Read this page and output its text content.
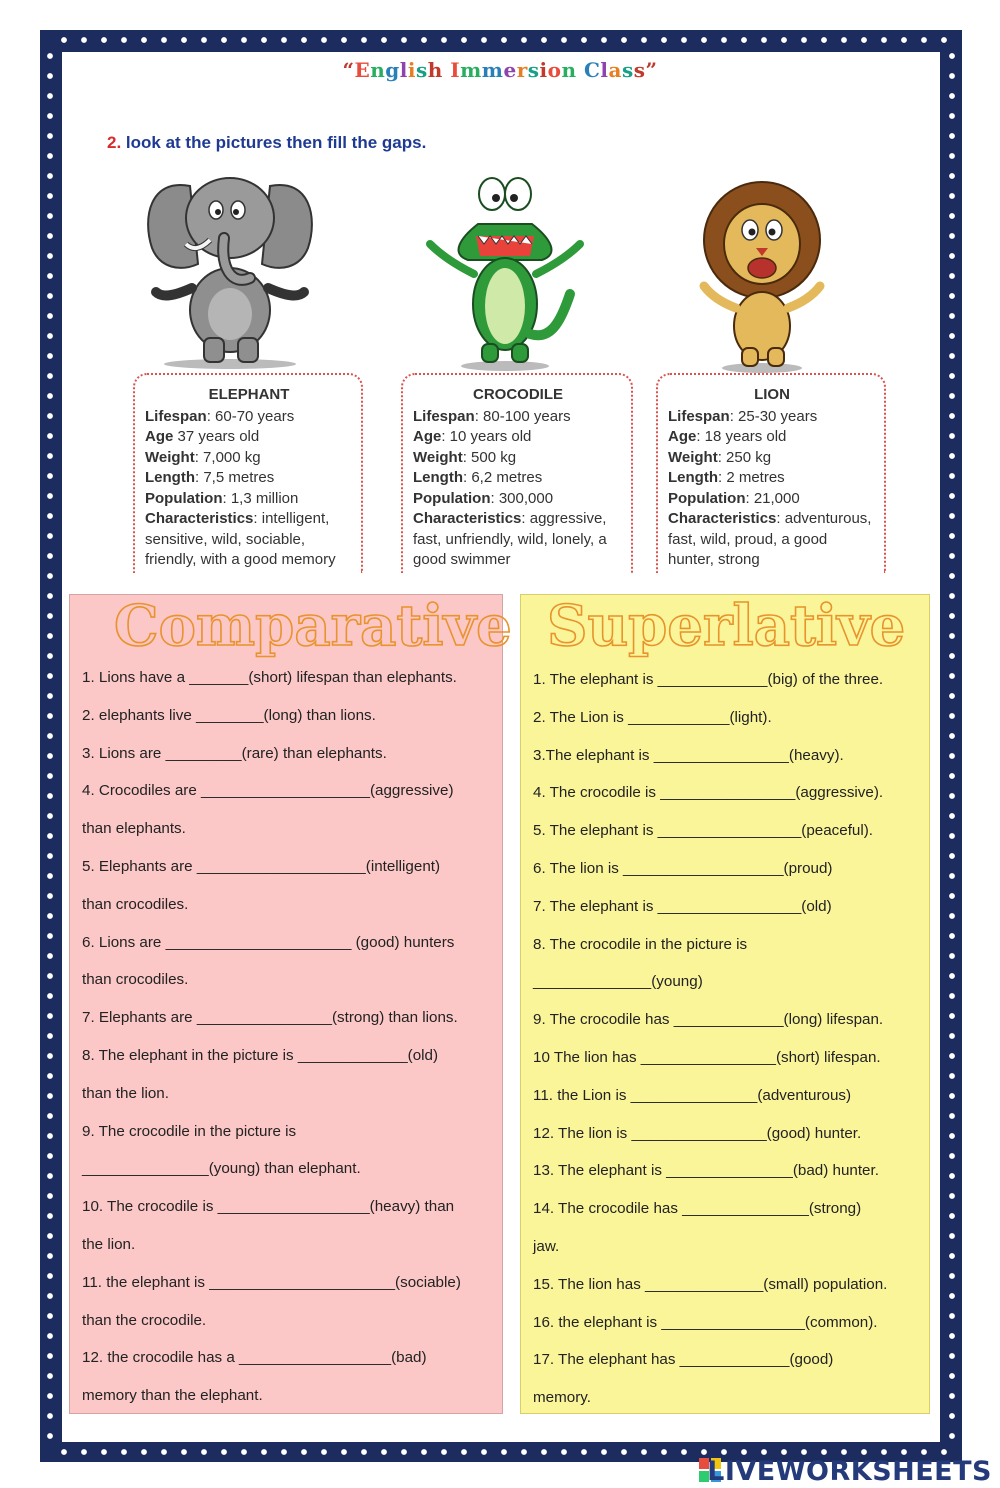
“English Immersion Class”
2. look at the pictures then fill the gaps.
ELEPHANT
Lifespan: 60-70 years
Age 37 years old
Weight: 7,000 kg
Length: 7,5 metres
Population: 1,3 million
Characteristics: intelligent, sensitive, wild, sociable, friendly, with a good memory
CROCODILE
Lifespan: 80-100 years
Age: 10 years old
Weight: 500 kg
Length: 6,2 metres
Population: 300,000
Characteristics: aggressive, fast, unfriendly, wild, lonely, a good swimmer
LION
Lifespan: 25-30 years
Age: 18 years old
Weight: 250 kg
Length: 2 metres
Population: 21,000
Characteristics: adventurous, fast, wild, proud, a good hunter, strong
Comparative
1. Lions have a _______(short) lifespan than elephants.
2. elephants live ________(long) than lions.
3. Lions are _________(rare) than elephants.
4. Crocodiles are ____________________(aggressive)
than elephants.
5. Elephants are ____________________(intelligent)
than crocodiles.
6. Lions are ______________________ (good) hunters
than crocodiles.
7. Elephants are ________________(strong) than lions.
8. The elephant in the picture is _____________(old)
than the lion.
9. The crocodile in the picture is
_______________(young) than elephant.
10. The crocodile is __________________(heavy) than
the lion.
11. the elephant is ______________________(sociable)
than the crocodile.
12. the crocodile has a __________________(bad)
memory than the elephant.
Superlative
1. The elephant is _____________(big) of the three.
2. The Lion is ____________(light).
3.The elephant is ________________(heavy).
4. The crocodile is ________________(aggressive).
5. The elephant is _________________(peaceful).
6. The lion is ___________________(proud)
7. The elephant is _________________(old)
8. The crocodile in the picture is
______________(young)
9. The crocodile has _____________(long) lifespan.
10 The lion has ________________(short) lifespan.
11. the Lion is _______________(adventurous)
12. The lion is ________________(good) hunter.
13. The elephant is _______________(bad) hunter.
14. The crocodile has _______________(strong)
jaw.
15. The lion has ______________(small) population.
16. the elephant is _________________(common).
17. The elephant has _____________(good)
memory.
LIVEWORKSHEETS
